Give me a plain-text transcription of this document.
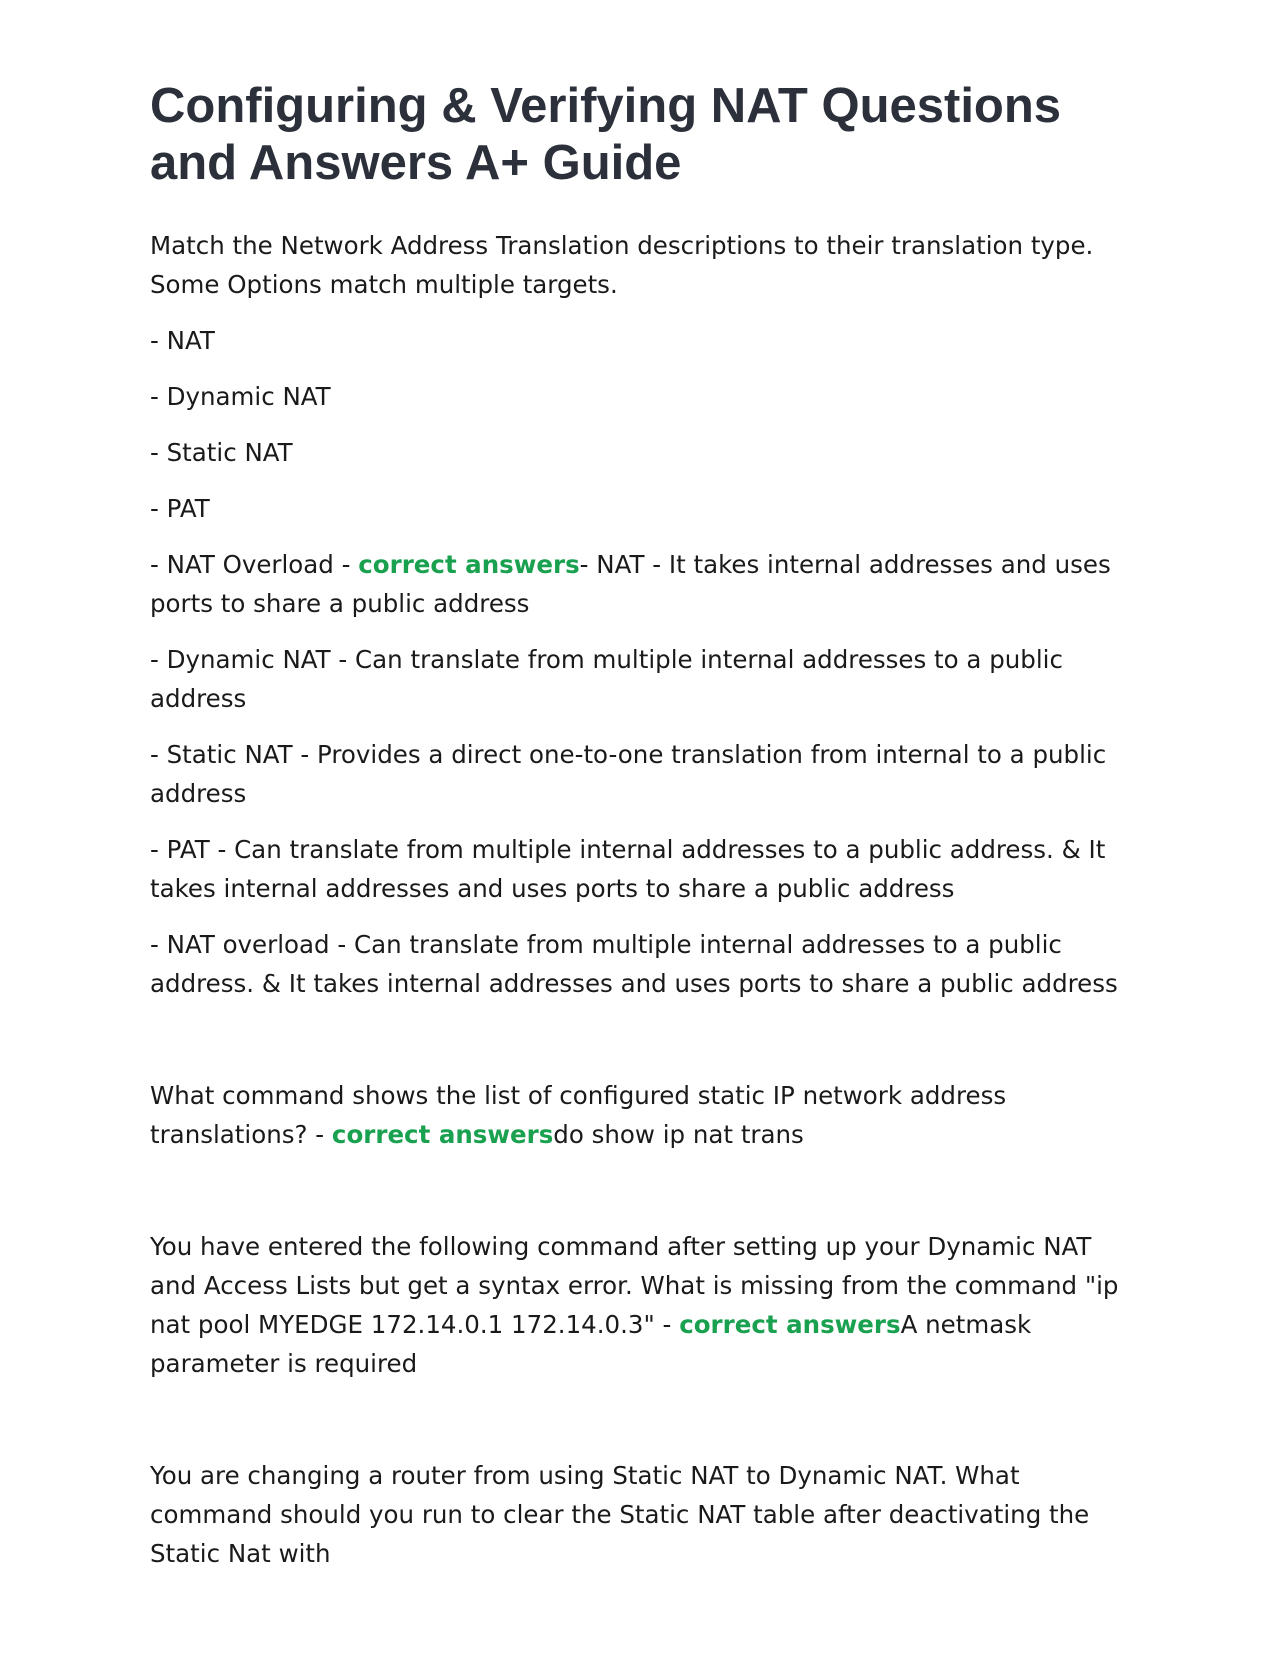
Configuring & Verifying NAT Questions and Answers A+ Guide

Match the Network Address Translation descriptions to their translation type. Some Options match multiple targets.

- NAT

- Dynamic NAT

- Static NAT

- PAT

- NAT Overload - correct answers- NAT - It takes internal addresses and uses ports to share a public address

- Dynamic NAT - Can translate from multiple internal addresses to a public address

- Static NAT - Provides a direct one-to-one translation from internal to a public address

- PAT - Can translate from multiple internal addresses to a public address. & It takes internal addresses and uses ports to share a public address

- NAT overload - Can translate from multiple internal addresses to a public address. & It takes internal addresses and uses ports to share a public address

What command shows the list of configured static IP network address translations? - correct answersdo show ip nat trans

You have entered the following command after setting up your Dynamic NAT and Access Lists but get a syntax error. What is missing from the command "ip nat pool MYEDGE 172.14.0.1 172.14.0.3" - correct answersA netmask parameter is required

You are changing a router from using Static NAT to Dynamic NAT. What command should you run to clear the Static NAT table after deactivating the Static Nat with
